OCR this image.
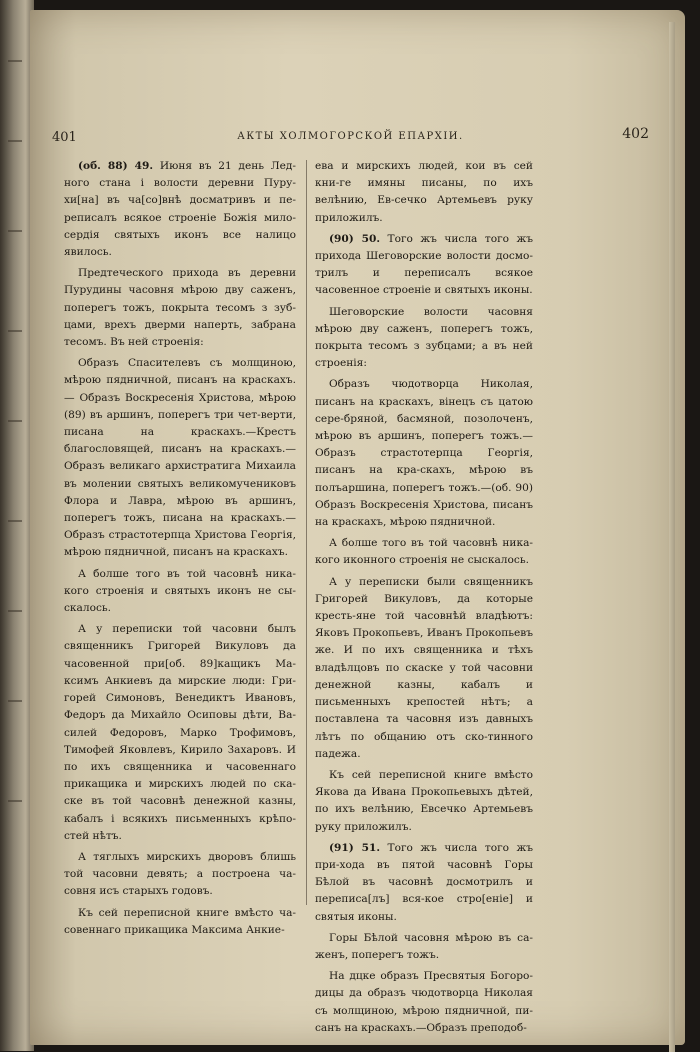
401	АКТЫ ХОЛМОГОРСКОЙ ЕПАРХІИ.	402

(об. 88) 49. Июня въ 21 день Лед-ного стана і волости деревни Пуру-хи[на] въ ча[со]внѣ досматривъ и пе-реписалъ всякое строеніе Божія мило-сердія святыхъ иконъ все налицо явилось.

Предтеческого прихода въ деревни Пурудины часовня мѣрою дву саженъ, поперегъ тожъ, покрыта тесомъ з зуб-цами, врехъ дверми наперть, забрана тесомъ. Въ ней строенія:

Образъ Спасителевъ съ молщиною, мѣрою пядничной, писанъ на краскахъ.— Образъ Воскресенія Христова, мѣрою (89) въ аршинъ, поперегъ три чет-верти, писана на краскахъ.—Крестъ благословящей, писанъ на краскахъ.— Образъ великаго архистратига Михаила въ молении святыхъ великомучениковъ Флора и Лавра, мѣрою въ аршинъ, поперегъ тожъ, писана на краскахъ.— Образъ страстотерпца Христова Георгія, мѣрою пядничной, писанъ на краскахъ.

А болше того въ той часовнѣ ника-кого строенія и святыхъ иконъ не сы-скалось.

А у переписки той часовни былъ священникъ Григорей Викуловъ да часовенной при[об. 89]кащикъ Ма-ксимъ Анкиевъ да мирские люди: Гри-горей Симоновъ, Венедиктъ Ивановъ, Федоръ да Михайло Осиповы дѣти, Ва-силей Федоровъ, Марко Трофимовъ, Тимофей Яковлевъ, Кирило Захаровъ. И по ихъ священника и часовеннаго прикащика и мирскихъ людей по ска-ске въ той часовнѣ денежной казны, кабалъ і всякихъ письменныхъ крѣпо-стей нѣтъ.

А тяглыхъ мирскихъ дворовъ блишь той часовни девять; а построена ча-совня исъ старыхъ годовъ.

Къ сей переписной книге вмѣсто ча-совеннаго прикащика Максима Анкие-

ева и мирскихъ людей, кои въ сей кни-ге имяны писаны, по ихъ велѣнию, Ев-сечко Артемьевъ руку приложилъ.

(90) 50. Того жъ числа того жъ прихода Шеговорские волости досмо-трилъ и переписалъ всякое часовенное строеніе и святыхъ иконы.

Шеговорские волости часовня мѣрою дву саженъ, поперегъ тожъ, покрыта тесомъ з зубцами; а въ ней строенія:

Образъ чюдотворца Николая, писанъ на краскахъ, вінецъ съ цатою сере-бряной, басмяной, позолоченъ, мѣрою въ аршинъ, поперегъ тожъ.—Образъ страстотерпца Георгія, писанъ на кра-скахъ, мѣрою въ полъаршина, поперегъ тожъ.—(об. 90) Образъ Воскресенія Христова, писанъ на краскахъ, мѣрою пядничной.

А болше того въ той часовнѣ ника-кого иконного строенія не сыскалось.

А у переписки были священникъ Григорей Викуловъ, да которые кресть-яне той часовнѣй владѣютъ: Яковъ Прокопьевъ, Иванъ Прокопьевъ же. И по ихъ священника и тѣхъ владѣлцовъ по скаске у той часовни денежной казны, кабалъ и письменныхъ крепостей нѣтъ; а поставлена та часовня изъ давныхъ лѣтъ по общанию отъ ско-тинного падежа.

Къ сей переписной книге вмѣсто Якова да Ивана Прокопьевыхъ дѣтей, по ихъ велѣнию, Евсечко Артемьевъ руку приложилъ.

(91) 51. Того жъ числа того жъ при-хода въ пятой часовнѣ Горы Бѣлой въ часовнѣ досмотрилъ и переписа[лъ] вся-кое стро[еніе] и святыя иконы.

Горы Бѣлой часовня мѣрою въ са-женъ, поперегъ тожъ.

На дцке образъ Пресвятыя Богоро-дицы да образъ чюдотворца Николая съ молщиною, мѣрою пядничной, пи-санъ на краскахъ.—Образъ преподоб-
